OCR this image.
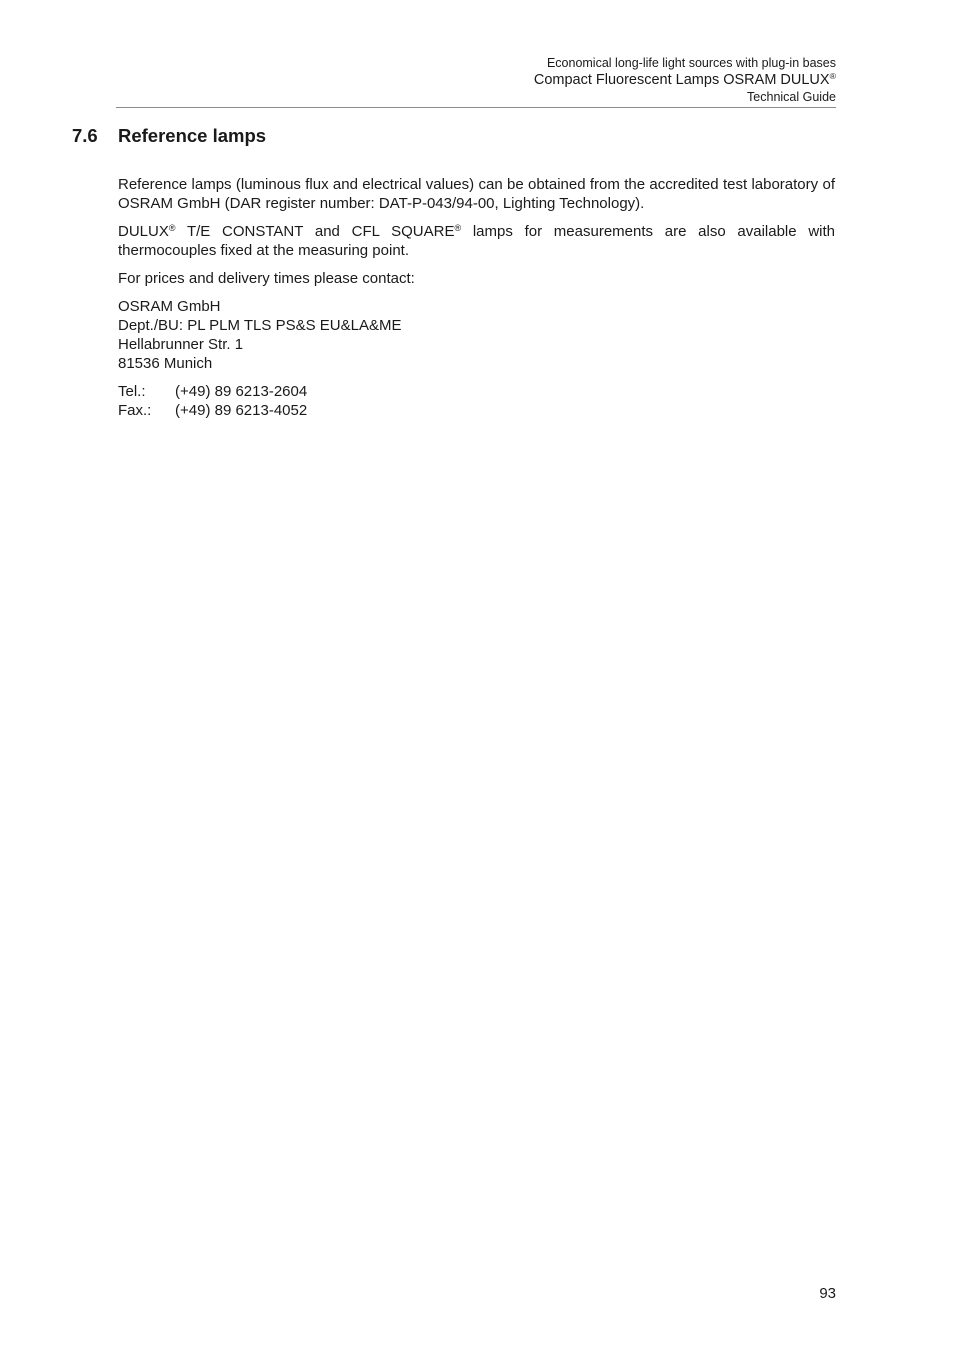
Economical long-life light sources with plug-in bases
Compact Fluorescent Lamps OSRAM DULUX®
Technical Guide
7.6 Reference lamps

Reference lamps (luminous flux and electrical values) can be obtained from the accredited test laboratory of OSRAM GmbH (DAR register number: DAT-P-043/94-00, Lighting Technology).

DULUX® T/E CONSTANT and CFL SQUARE® lamps for measurements are also available with thermocouples fixed at the measuring point.

For prices and delivery times please contact:

OSRAM GmbH
Dept./BU: PL PLM TLS PS&S EU&LA&ME
Hellabrunner Str. 1
81536 Munich
Tel.:	(+49) 89 6213-2604
Fax.:	(+49) 89 6213-4052
93
